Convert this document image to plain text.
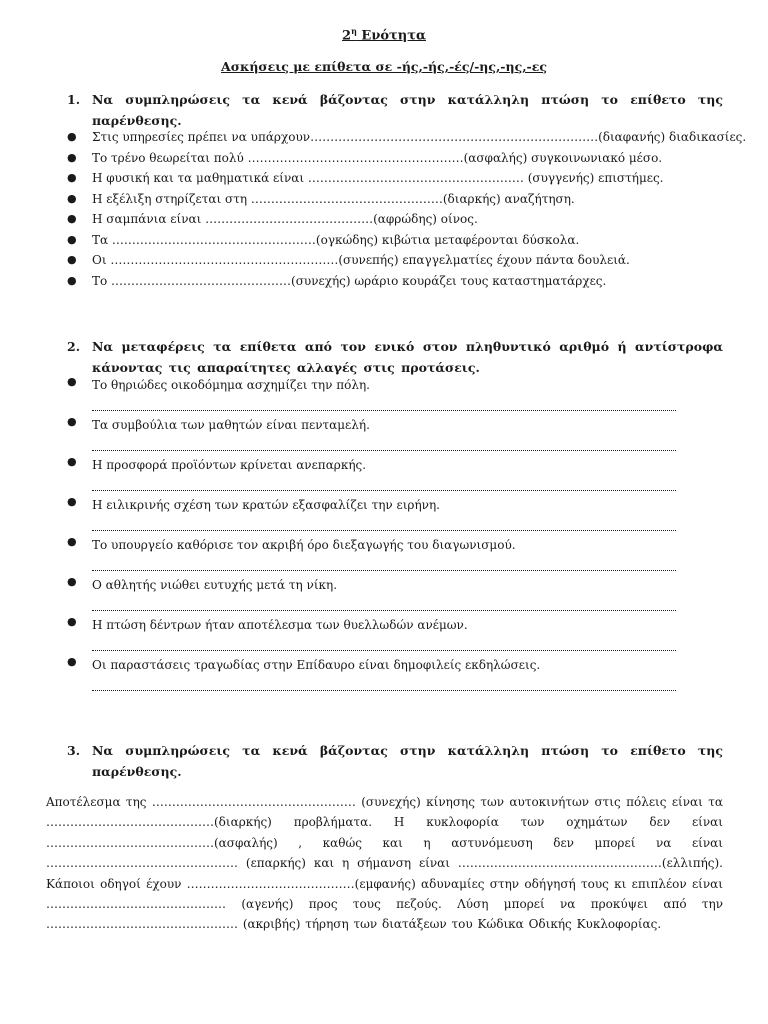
$2^\eta$ Ενότητα
Ασκήσεις με επίθετα σε -ής,-ής,-ές/-ης,-ης,-ες
1. Να συμπληρώσεις τα κενά βάζοντας στην κατάλληλη πτώση το επίθετο της παρένθεσης.
● Στις υπηρεσίες πρέπει να υπάρχουν………………………………………………………………(διαφανής) διαδικασίες.
● Το τρένο θεωρείται πολύ ………………………………………………(ασφαλής) συγκοινωνιακό μέσο.
● Η φυσική και τα μαθηματικά είναι ……………………………………………… (συγγενής) επιστήμες.
● Η εξέλιξη στηρίζεται στη …………………………………………(διαρκής) αναζήτηση.
● Η σαμπάνια είναι ……………………………………(αφρώδης) οίνος.
● Τα ……………………………………………(ογκώδης) κιβώτια μεταφέρονται δύσκολα.
● Οι …………………………………………………(συνεπής) επαγγελματίες έχουν πάντα δουλειά.
● Το ………………………………………(συνεχής) ωράριο κουράζει τους καταστηματάρχες.
2. Να μεταφέρεις τα επίθετα από τον ενικό στον πληθυντικό αριθμό ή αντίστροφα κάνοντας τις απαραίτητες αλλαγές στις προτάσεις.
● Το θηριώδες οικοδόμημα ασχημίζει την πόλη.
● Τα συμβούλια των μαθητών είναι πενταμελή.
● Η προσφορά προϊόντων κρίνεται ανεπαρκής.
● Η ειλικρινής σχέση των κρατών εξασφαλίζει την ειρήνη.
● Το υπουργείο καθόρισε τον ακριβή όρο διεξαγωγής του διαγωνισμού.
● Ο αθλητής νιώθει ευτυχής μετά τη νίκη.
● Η πτώση δέντρων ήταν αποτέλεσμα των θυελλωδών ανέμων.
● Οι παραστάσεις τραγωδίας στην Επίδαυρο είναι δημοφιλείς εκδηλώσεις.
3. Να συμπληρώσεις τα κενά βάζοντας στην κατάλληλη πτώση το επίθετο της παρένθεσης.
Αποτέλεσμα της …………………………………………… (συνεχής) κίνησης των αυτοκινήτων στις πόλεις είναι τα ……………………………………(διαρκής) προβλήματα. Η κυκλοφορία των οχημάτων δεν είναι ……………………………………(ασφαλής) , καθώς και η αστυνόμευση δεν μπορεί να είναι ………………………………………… (επαρκής) και η σήμανση είναι ……………………………………………(ελλιπής). Κάποιοι οδηγοί έχουν ……………………………………(εμφανής) αδυναμίες στην οδήγησή τους κι επιπλέον είναι ……………………………………… (αγενής) προς τους πεζούς. Λύση μπορεί να προκύψει από την ………………………………………… (ακριβής) τήρηση των διατάξεων του Κώδικα Οδικής Κυκλοφορίας.
